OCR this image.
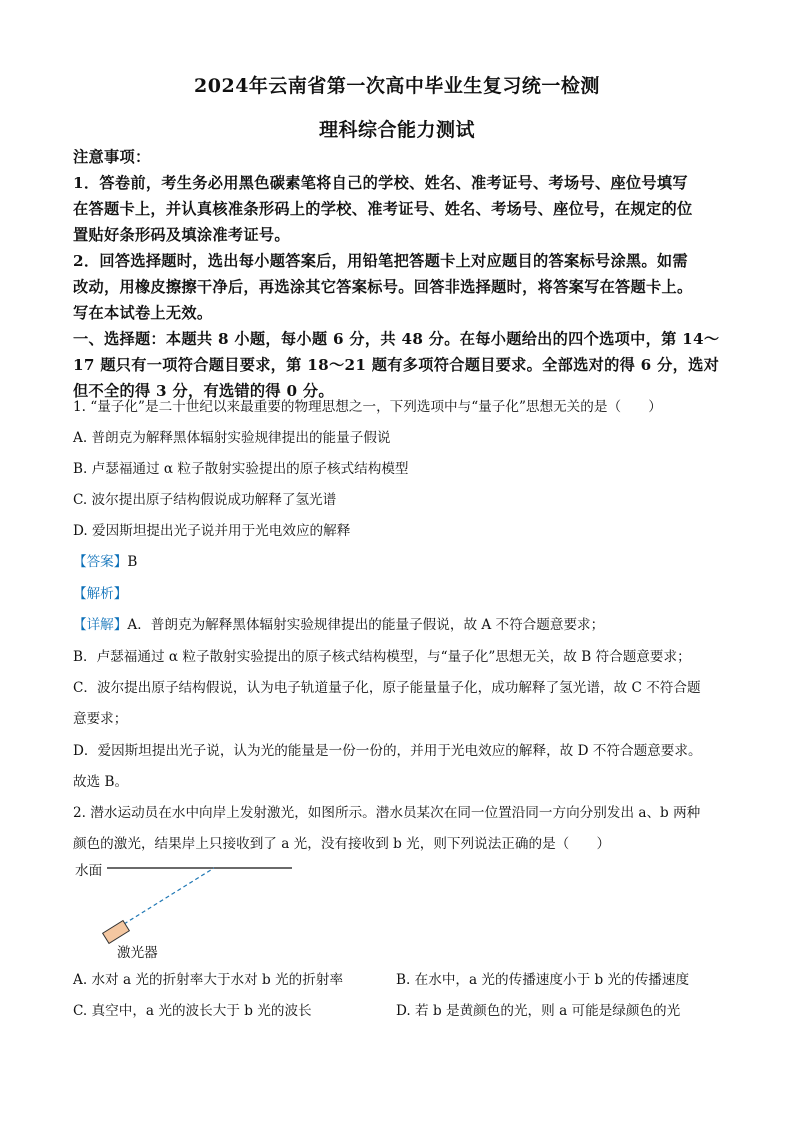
2024年云南省第一次高中毕业生复习统一检测
理科综合能力测试
注意事项：
1．答卷前，考生务必用黑色碳素笔将自己的学校、姓名、准考证号、考场号、座位号填写
在答题卡上，并认真核准条形码上的学校、准考证号、姓名、考场号、座位号，在规定的位
置贴好条形码及填涂准考证号。
2．回答选择题时，选出每小题答案后，用铅笔把答题卡上对应题目的答案标号涂黑。如需
改动，用橡皮擦擦干净后，再选涂其它答案标号。回答非选择题时，将答案写在答题卡上。
写在本试卷上无效。
一、选择题：本题共 8 小题，每小题 6 分，共 48 分。在每小题给出的四个选项中，第 14～
17 题只有一项符合题目要求，第 18～21 题有多项符合题目要求。全部选对的得 6 分，选对
但不全的得 3 分，有选错的得 0 分。
1. “量子化”是二十世纪以来最重要的物理思想之一，下列选项中与“量子化”思想无关的是（　　）
A. 普朗克为解释黑体辐射实验规律提出的能量子假说
B. 卢瑟福通过 α 粒子散射实验提出的原子核式结构模型
C. 波尔提出原子结构假说成功解释了氢光谱
D. 爱因斯坦提出光子说并用于光电效应的解释
【答案】B
【解析】
【详解】A．普朗克为解释黑体辐射实验规律提出的能量子假说，故 A 不符合题意要求；
B．卢瑟福通过 α 粒子散射实验提出的原子核式结构模型，与“量子化”思想无关，故 B 符合题意要求；
C．波尔提出原子结构假说，认为电子轨道量子化，原子能量量子化，成功解释了氢光谱，故 C 不符合题
意要求；
D．爱因斯坦提出光子说，认为光的能量是一份一份的，并用于光电效应的解释，故 D 不符合题意要求。
故选 B。
2. 潜水运动员在水中向岸上发射激光，如图所示。潜水员某次在同一位置沿同一方向分别发出 a、b 两种
颜色的激光，结果岸上只接收到了 a 光，没有接收到 b 光，则下列说法正确的是（　　）
水面
激光器
A. 水对 a 光的折射率大于水对 b 光的折射率	B. 在水中，a 光的传播速度小于 b 光的传播速度
C. 真空中，a 光的波长大于 b 光的波长	D. 若 b 是黄颜色的光，则 a 可能是绿颜色的光
